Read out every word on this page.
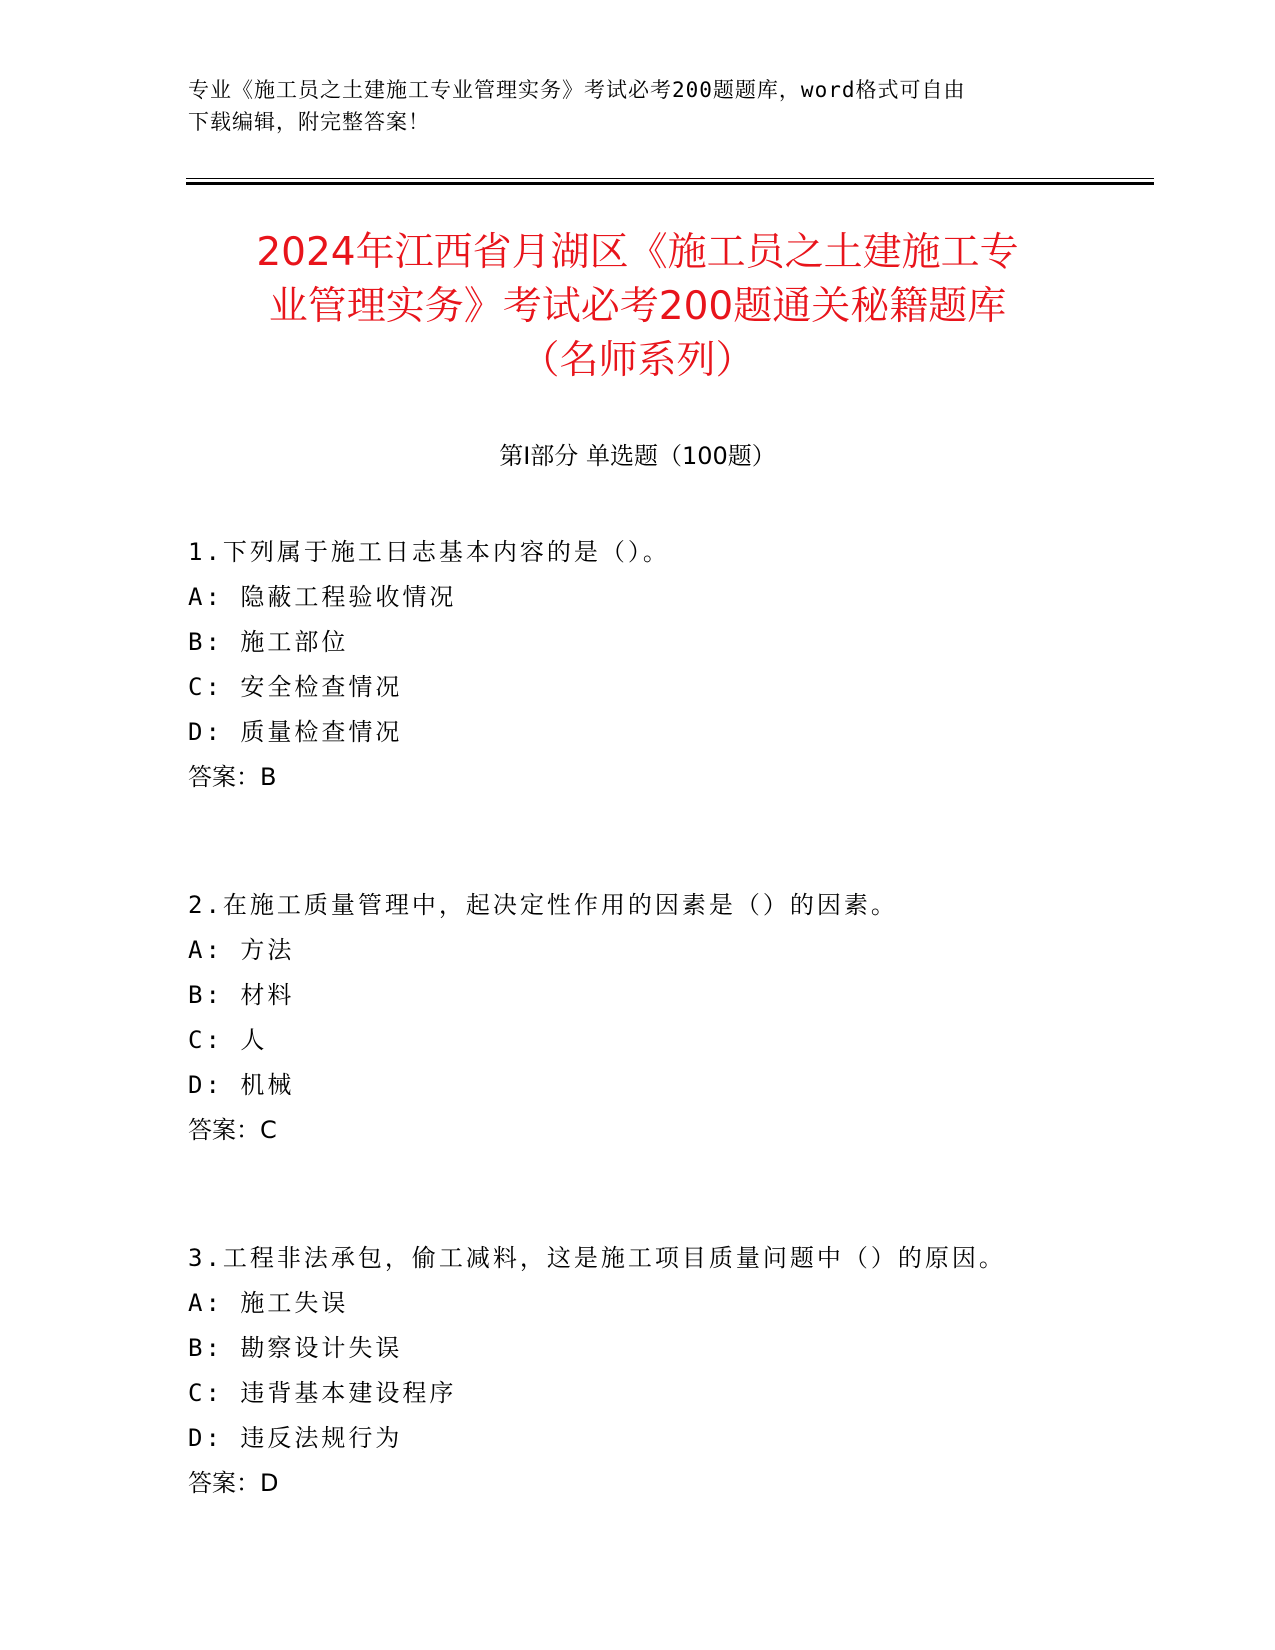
专业《施工员之土建施工专业管理实务》考试必考200题题库，word格式可自由
下载编辑，附完整答案！
2024年江西省月湖区《施工员之土建施工专
业管理实务》考试必考200题通关秘籍题库
（名师系列）
第I部分 单选题（100题）
1.下列属于施工日志基本内容的是（）。
A: 隐蔽工程验收情况
B: 施工部位
C: 安全检查情况
D: 质量检查情况
答案：B
2.在施工质量管理中，起决定性作用的因素是（）的因素。
A: 方法
B: 材料
C: 人
D: 机械
答案：C
3.工程非法承包，偷工减料，这是施工项目质量问题中（）的原因。
A: 施工失误
B: 勘察设计失误
C: 违背基本建设程序
D: 违反法规行为
答案：D
